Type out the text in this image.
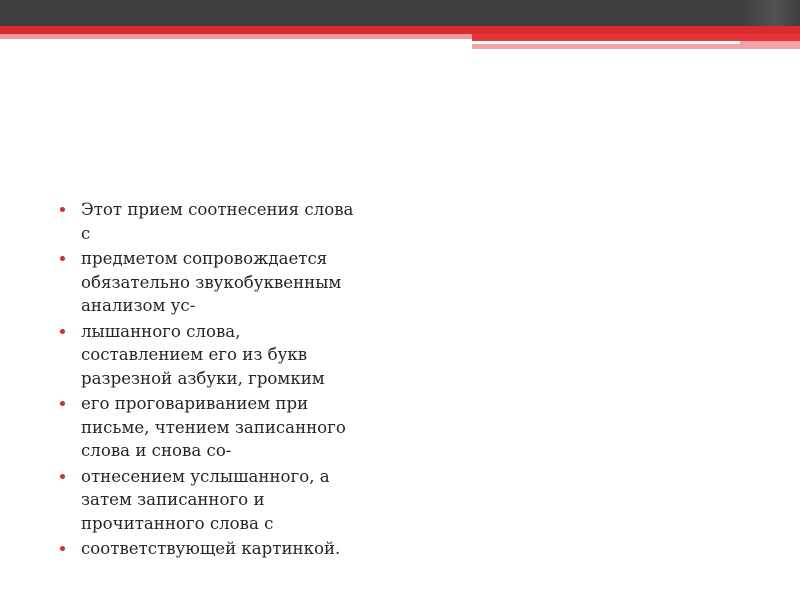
Этот прием соотнесения слова
с
предметом сопровождается
обязательно звукобуквенным
анализом ус-
лышанного слова,
составлением его из букв
разрезной азбуки, громким
его проговариванием при
письме, чтением записанного
слова и снова со-
отнесением услышанного, а
затем записанного и
прочитанного слова с
соответствующей картинкой.
